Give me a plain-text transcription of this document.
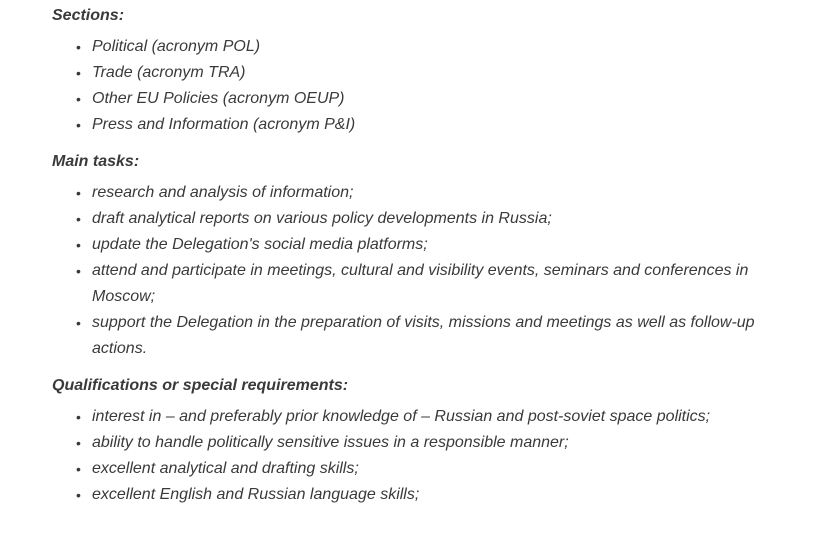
Sections:

• Political (acronym POL)
• Trade (acronym TRA)
• Other EU Policies (acronym OEUP)
• Press and Information (acronym P&I)

Main tasks:

• research and analysis of information;
• draft analytical reports on various policy developments in Russia;
• update the Delegation's social media platforms;
• attend and participate in meetings, cultural and visibility events, seminars and conferences in Moscow;
• support the Delegation in the preparation of visits, missions and meetings as well as follow-up actions.

Qualifications or special requirements:

• interest in – and preferably prior knowledge of – Russian and post-soviet space politics;
• ability to handle politically sensitive issues in a responsible manner;
• excellent analytical and drafting skills;
• excellent English and Russian language skills;
